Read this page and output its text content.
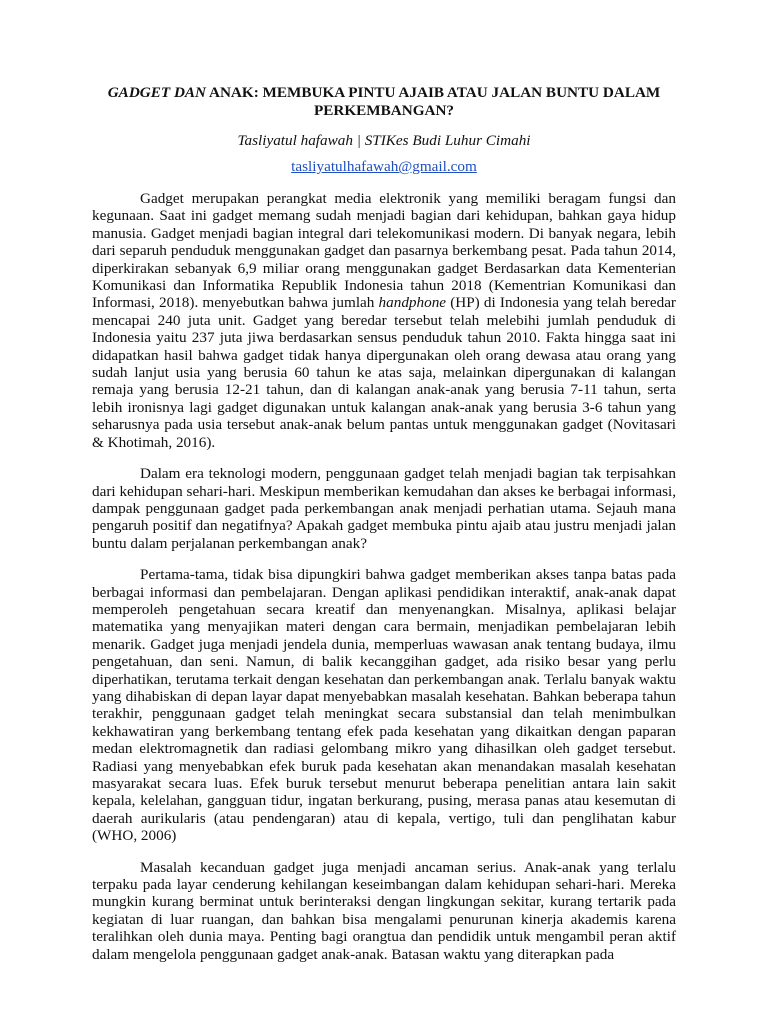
GADGET DAN ANAK: MEMBUKA PINTU AJAIB ATAU JALAN BUNTU DALAM PERKEMBANGAN?
Tasliyatul hafawah | STIKes Budi Luhur Cimahi
tasliyatulhafawah@gmail.com

Gadget merupakan perangkat media elektronik yang memiliki beragam fungsi dan kegunaan. Saat ini gadget memang sudah menjadi bagian dari kehidupan, bahkan gaya hidup manusia. Gadget menjadi bagian integral dari telekomunikasi modern. Di banyak negara, lebih dari separuh penduduk menggunakan gadget dan pasarnya berkembang pesat. Pada tahun 2014, diperkirakan sebanyak 6,9 miliar orang menggunakan gadget Berdasarkan data Kementerian Komunikasi dan Informatika Republik Indonesia tahun 2018 (Kementrian Komunikasi dan Informasi, 2018). menyebutkan bahwa jumlah handphone (HP) di Indonesia yang telah beredar mencapai 240 juta unit. Gadget yang beredar tersebut telah melebihi jumlah penduduk di Indonesia yaitu 237 juta jiwa berdasarkan sensus penduduk tahun 2010. Fakta hingga saat ini didapatkan hasil bahwa gadget tidak hanya dipergunakan oleh orang dewasa atau orang yang sudah lanjut usia yang berusia 60 tahun ke atas saja, melainkan dipergunakan di kalangan remaja yang berusia 12-21 tahun, dan di kalangan anak-anak yang berusia 7-11 tahun, serta lebih ironisnya lagi gadget digunakan untuk kalangan anak-anak yang berusia 3-6 tahun yang seharusnya pada usia tersebut anak-anak belum pantas untuk menggunakan gadget (Novitasari & Khotimah, 2016).

Dalam era teknologi modern, penggunaan gadget telah menjadi bagian tak terpisahkan dari kehidupan sehari-hari. Meskipun memberikan kemudahan dan akses ke berbagai informasi, dampak penggunaan gadget pada perkembangan anak menjadi perhatian utama. Sejauh mana pengaruh positif dan negatifnya? Apakah gadget membuka pintu ajaib atau justru menjadi jalan buntu dalam perjalanan perkembangan anak?

Pertama-tama, tidak bisa dipungkiri bahwa gadget memberikan akses tanpa batas pada berbagai informasi dan pembelajaran. Dengan aplikasi pendidikan interaktif, anak-anak dapat memperoleh pengetahuan secara kreatif dan menyenangkan. Misalnya, aplikasi belajar matematika yang menyajikan materi dengan cara bermain, menjadikan pembelajaran lebih menarik. Gadget juga menjadi jendela dunia, memperluas wawasan anak tentang budaya, ilmu pengetahuan, dan seni. Namun, di balik kecanggihan gadget, ada risiko besar yang perlu diperhatikan, terutama terkait dengan kesehatan dan perkembangan anak. Terlalu banyak waktu yang dihabiskan di depan layar dapat menyebabkan masalah kesehatan. Bahkan beberapa tahun terakhir, penggunaan gadget telah meningkat secara substansial dan telah menimbulkan kekhawatiran yang berkembang tentang efek pada kesehatan yang dikaitkan dengan paparan medan elektromagnetik dan radiasi gelombang mikro yang dihasilkan oleh gadget tersebut. Radiasi yang menyebabkan efek buruk pada kesehatan akan menandakan masalah kesehatan masyarakat secara luas. Efek buruk tersebut menurut beberapa penelitian antara lain sakit kepala, kelelahan, gangguan tidur, ingatan berkurang, pusing, merasa panas atau kesemutan di daerah aurikularis (atau pendengaran) atau di kepala, vertigo, tuli dan penglihatan kabur (WHO, 2006)

Masalah kecanduan gadget juga menjadi ancaman serius. Anak-anak yang terlalu terpaku pada layar cenderung kehilangan keseimbangan dalam kehidupan sehari-hari. Mereka mungkin kurang berminat untuk berinteraksi dengan lingkungan sekitar, kurang tertarik pada kegiatan di luar ruangan, dan bahkan bisa mengalami penurunan kinerja akademis karena teralihkan oleh dunia maya. Penting bagi orangtua dan pendidik untuk mengambil peran aktif dalam mengelola penggunaan gadget anak-anak. Batasan waktu yang diterapkan pada
